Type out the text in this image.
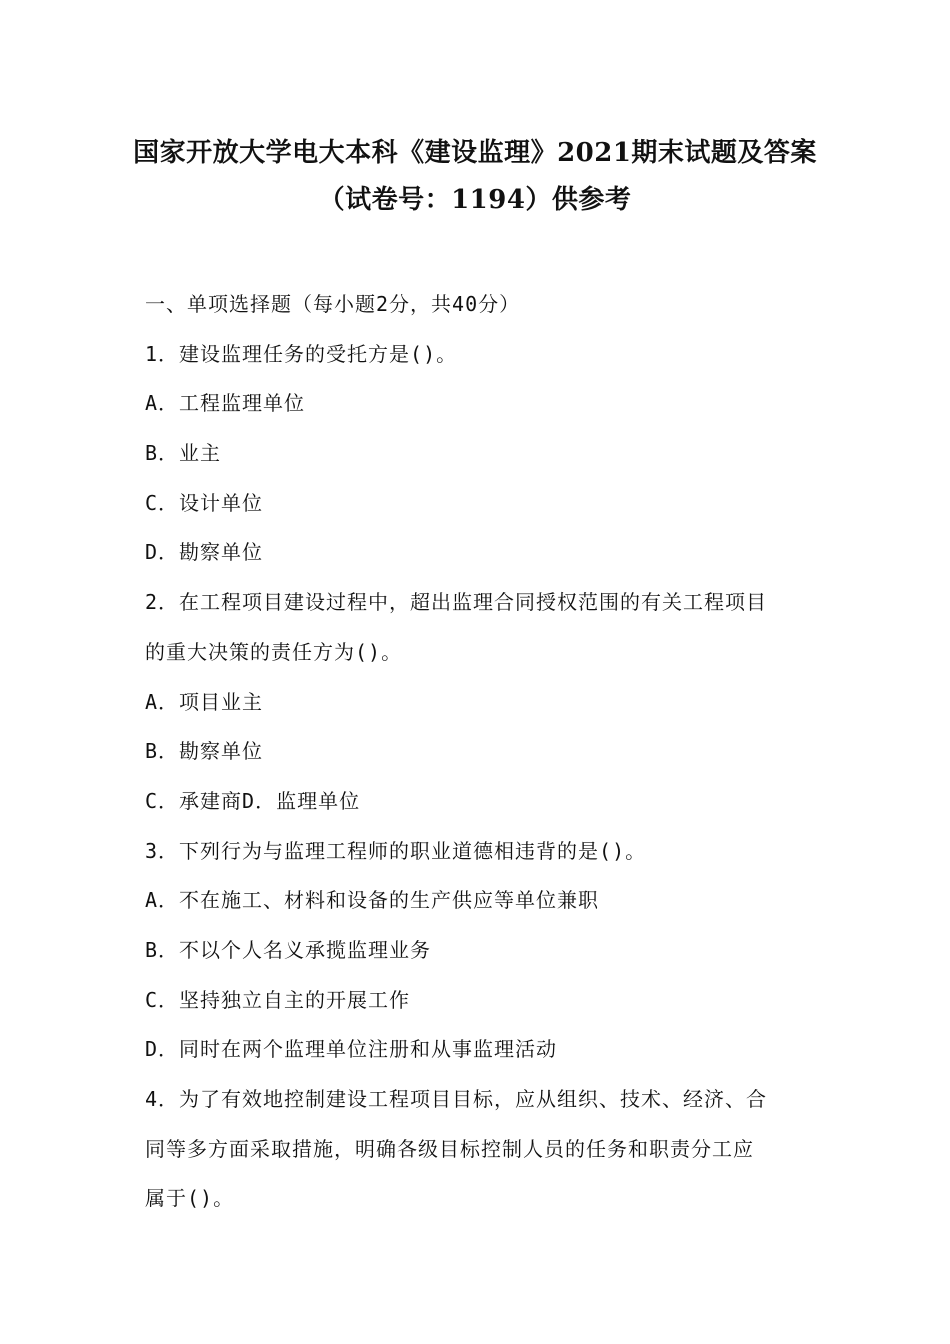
国家开放大学电大本科《建设监理》2021期末试题及答案
（试卷号：1194）供参考
一、单项选择题（每小题2分，共40分）
1．建设监理任务的受托方是()。
A．工程监理单位
B．业主
C．设计单位
D．勘察单位
2．在工程项目建设过程中，超出监理合同授权范围的有关工程项目
的重大决策的责任方为()。
A．项目业主
B．勘察单位
C．承建商D．监理单位
3．下列行为与监理工程师的职业道德相违背的是()。
A．不在施工、材料和设备的生产供应等单位兼职
B．不以个人名义承揽监理业务
C．坚持独立自主的开展工作
D．同时在两个监理单位注册和从事监理活动
4．为了有效地控制建设工程项目目标，应从组织、技术、经济、合
同等多方面采取措施，明确各级目标控制人员的任务和职责分工应
属于()。
